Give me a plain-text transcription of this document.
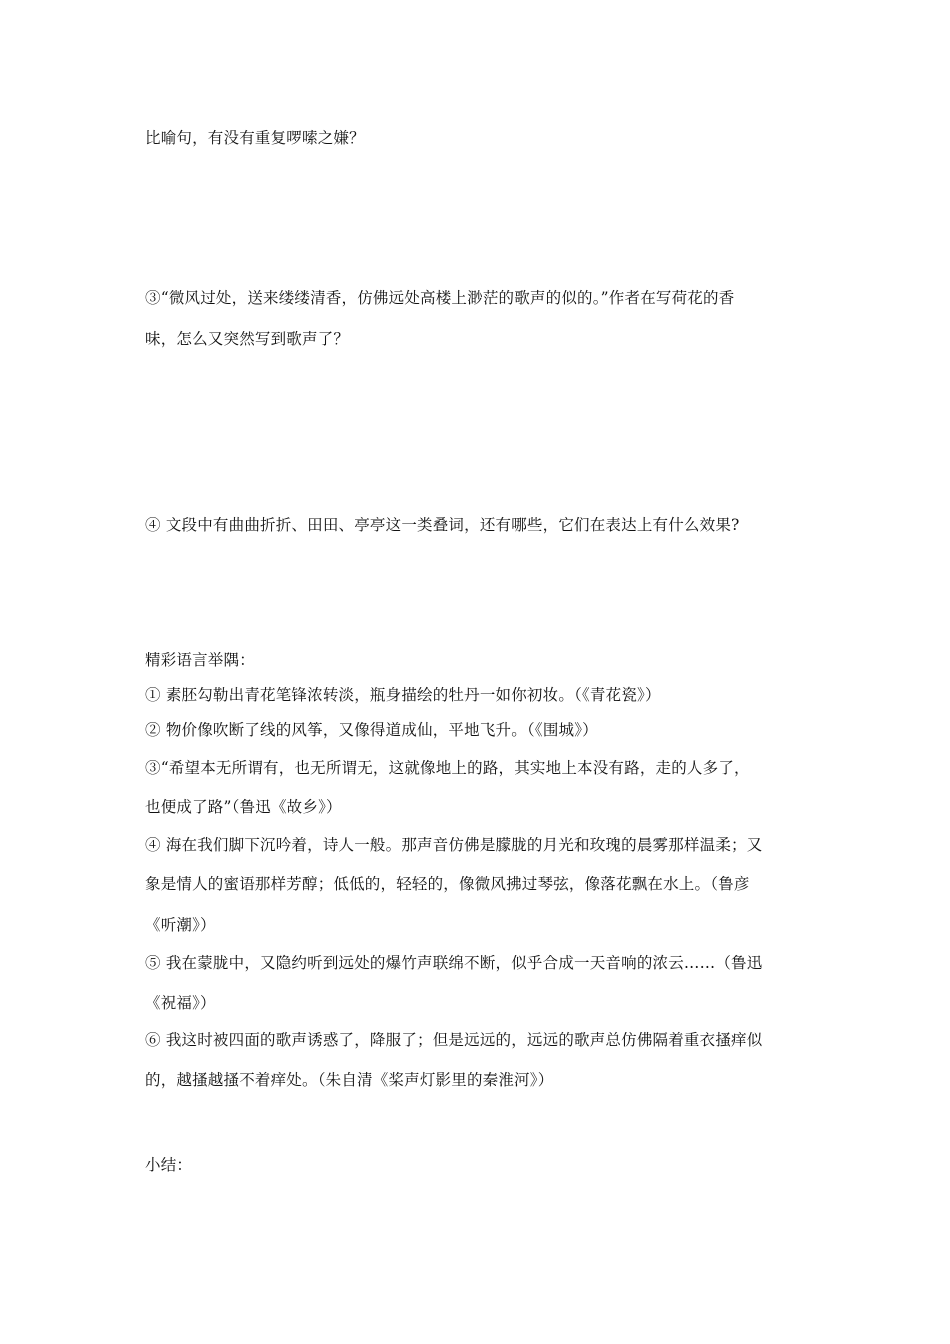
比喻句，有没有重复啰嗦之嫌？
③“微风过处，送来缕缕清香，仿佛远处高楼上渺茫的歌声的似的。”作者在写荷花的香
味，怎么又突然写到歌声了？
④ 文段中有曲曲折折、田田、亭亭这一类叠词，还有哪些，它们在表达上有什么效果?
精彩语言举隅：
① 素胚勾勒出青花笔锋浓转淡，瓶身描绘的牡丹一如你初妆。（《青花瓷》）
② 物价像吹断了线的风筝，又像得道成仙，平地飞升。（《围城》）
③“希望本无所谓有，也无所谓无，这就像地上的路，其实地上本没有路，走的人多了，
也便成了路”（鲁迅《故乡》）
④ 海在我们脚下沉吟着，诗人一般。那声音仿佛是朦胧的月光和玫瑰的晨雾那样温柔；又
象是情人的蜜语那样芳醇；低低的，轻轻的，像微风拂过琴弦，像落花飘在水上。（鲁彦
《听潮》）
⑤ 我在蒙胧中，又隐约听到远处的爆竹声联绵不断，似乎合成一天音响的浓云……（鲁迅
《祝福》）
⑥ 我这时被四面的歌声诱惑了，降服了；但是远远的，远远的歌声总仿佛隔着重衣搔痒似
的，越搔越搔不着痒处。（朱自清《桨声灯影里的秦淮河》）
小结：
